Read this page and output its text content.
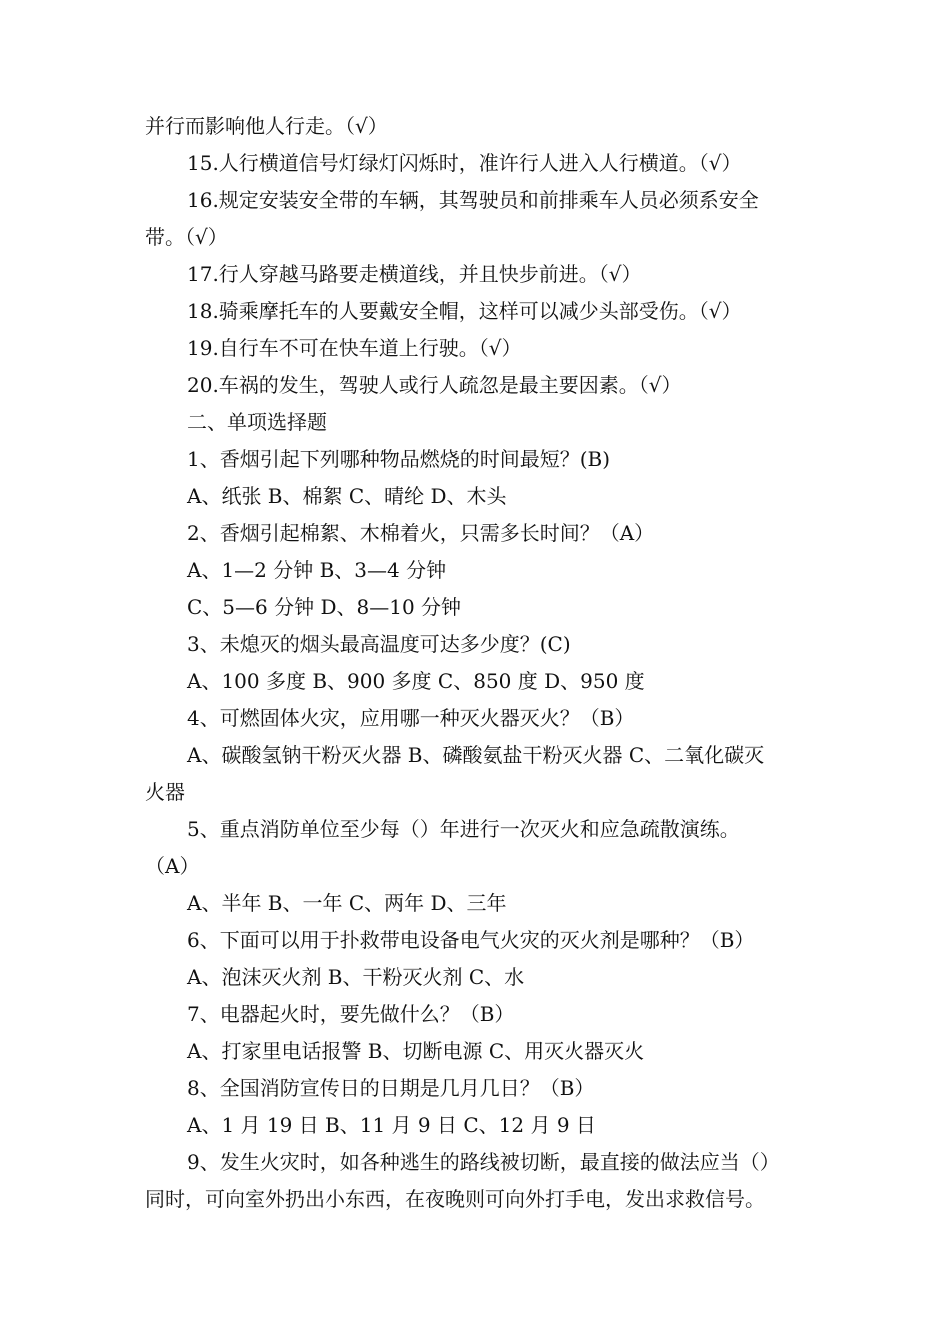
并行而影响他人行走。（√）
15.人行横道信号灯绿灯闪烁时，准许行人进入人行横道。（√）
16.规定安装安全带的车辆，其驾驶员和前排乘车人员必须系安全
带。（√）
17.行人穿越马路要走横道线，并且快步前进。（√）
18.骑乘摩托车的人要戴安全帽，这样可以减少头部受伤。（√）
19.自行车不可在快车道上行驶。（√）
20.车祸的发生，驾驶人或行人疏忽是最主要因素。（√）
二、单项选择题
1、香烟引起下列哪种物品燃烧的时间最短？(B)
A、纸张 B、棉絮 C、晴纶 D、木头
2、香烟引起棉絮、木棉着火，只需多长时间？（A）
A、1—2 分钟 B、3—4 分钟
C、5—6 分钟 D、8—10 分钟
3、未熄灭的烟头最高温度可达多少度？(C)
A、100 多度 B、900 多度 C、850 度 D、950 度
4、可燃固体火灾，应用哪一种灭火器灭火？（B）
A、碳酸氢钠干粉灭火器 B、磷酸氨盐干粉灭火器 C、二氧化碳灭
火器
5、重点消防单位至少每（）年进行一次灭火和应急疏散演练。
（A）
A、半年 B、一年 C、两年 D、三年
6、下面可以用于扑救带电设备电气火灾的灭火剂是哪种？（B）
A、泡沫灭火剂 B、干粉灭火剂 C、水
7、电器起火时，要先做什么？（B）
A、打家里电话报警 B、切断电源 C、用灭火器灭火
8、全国消防宣传日的日期是几月几日？（B）
A、1 月 19 日 B、11 月 9 日 C、12 月 9 日
9、发生火灾时，如各种逃生的路线被切断，最直接的做法应当（）
同时，可向室外扔出小东西，在夜晚则可向外打手电，发出求救信号。
